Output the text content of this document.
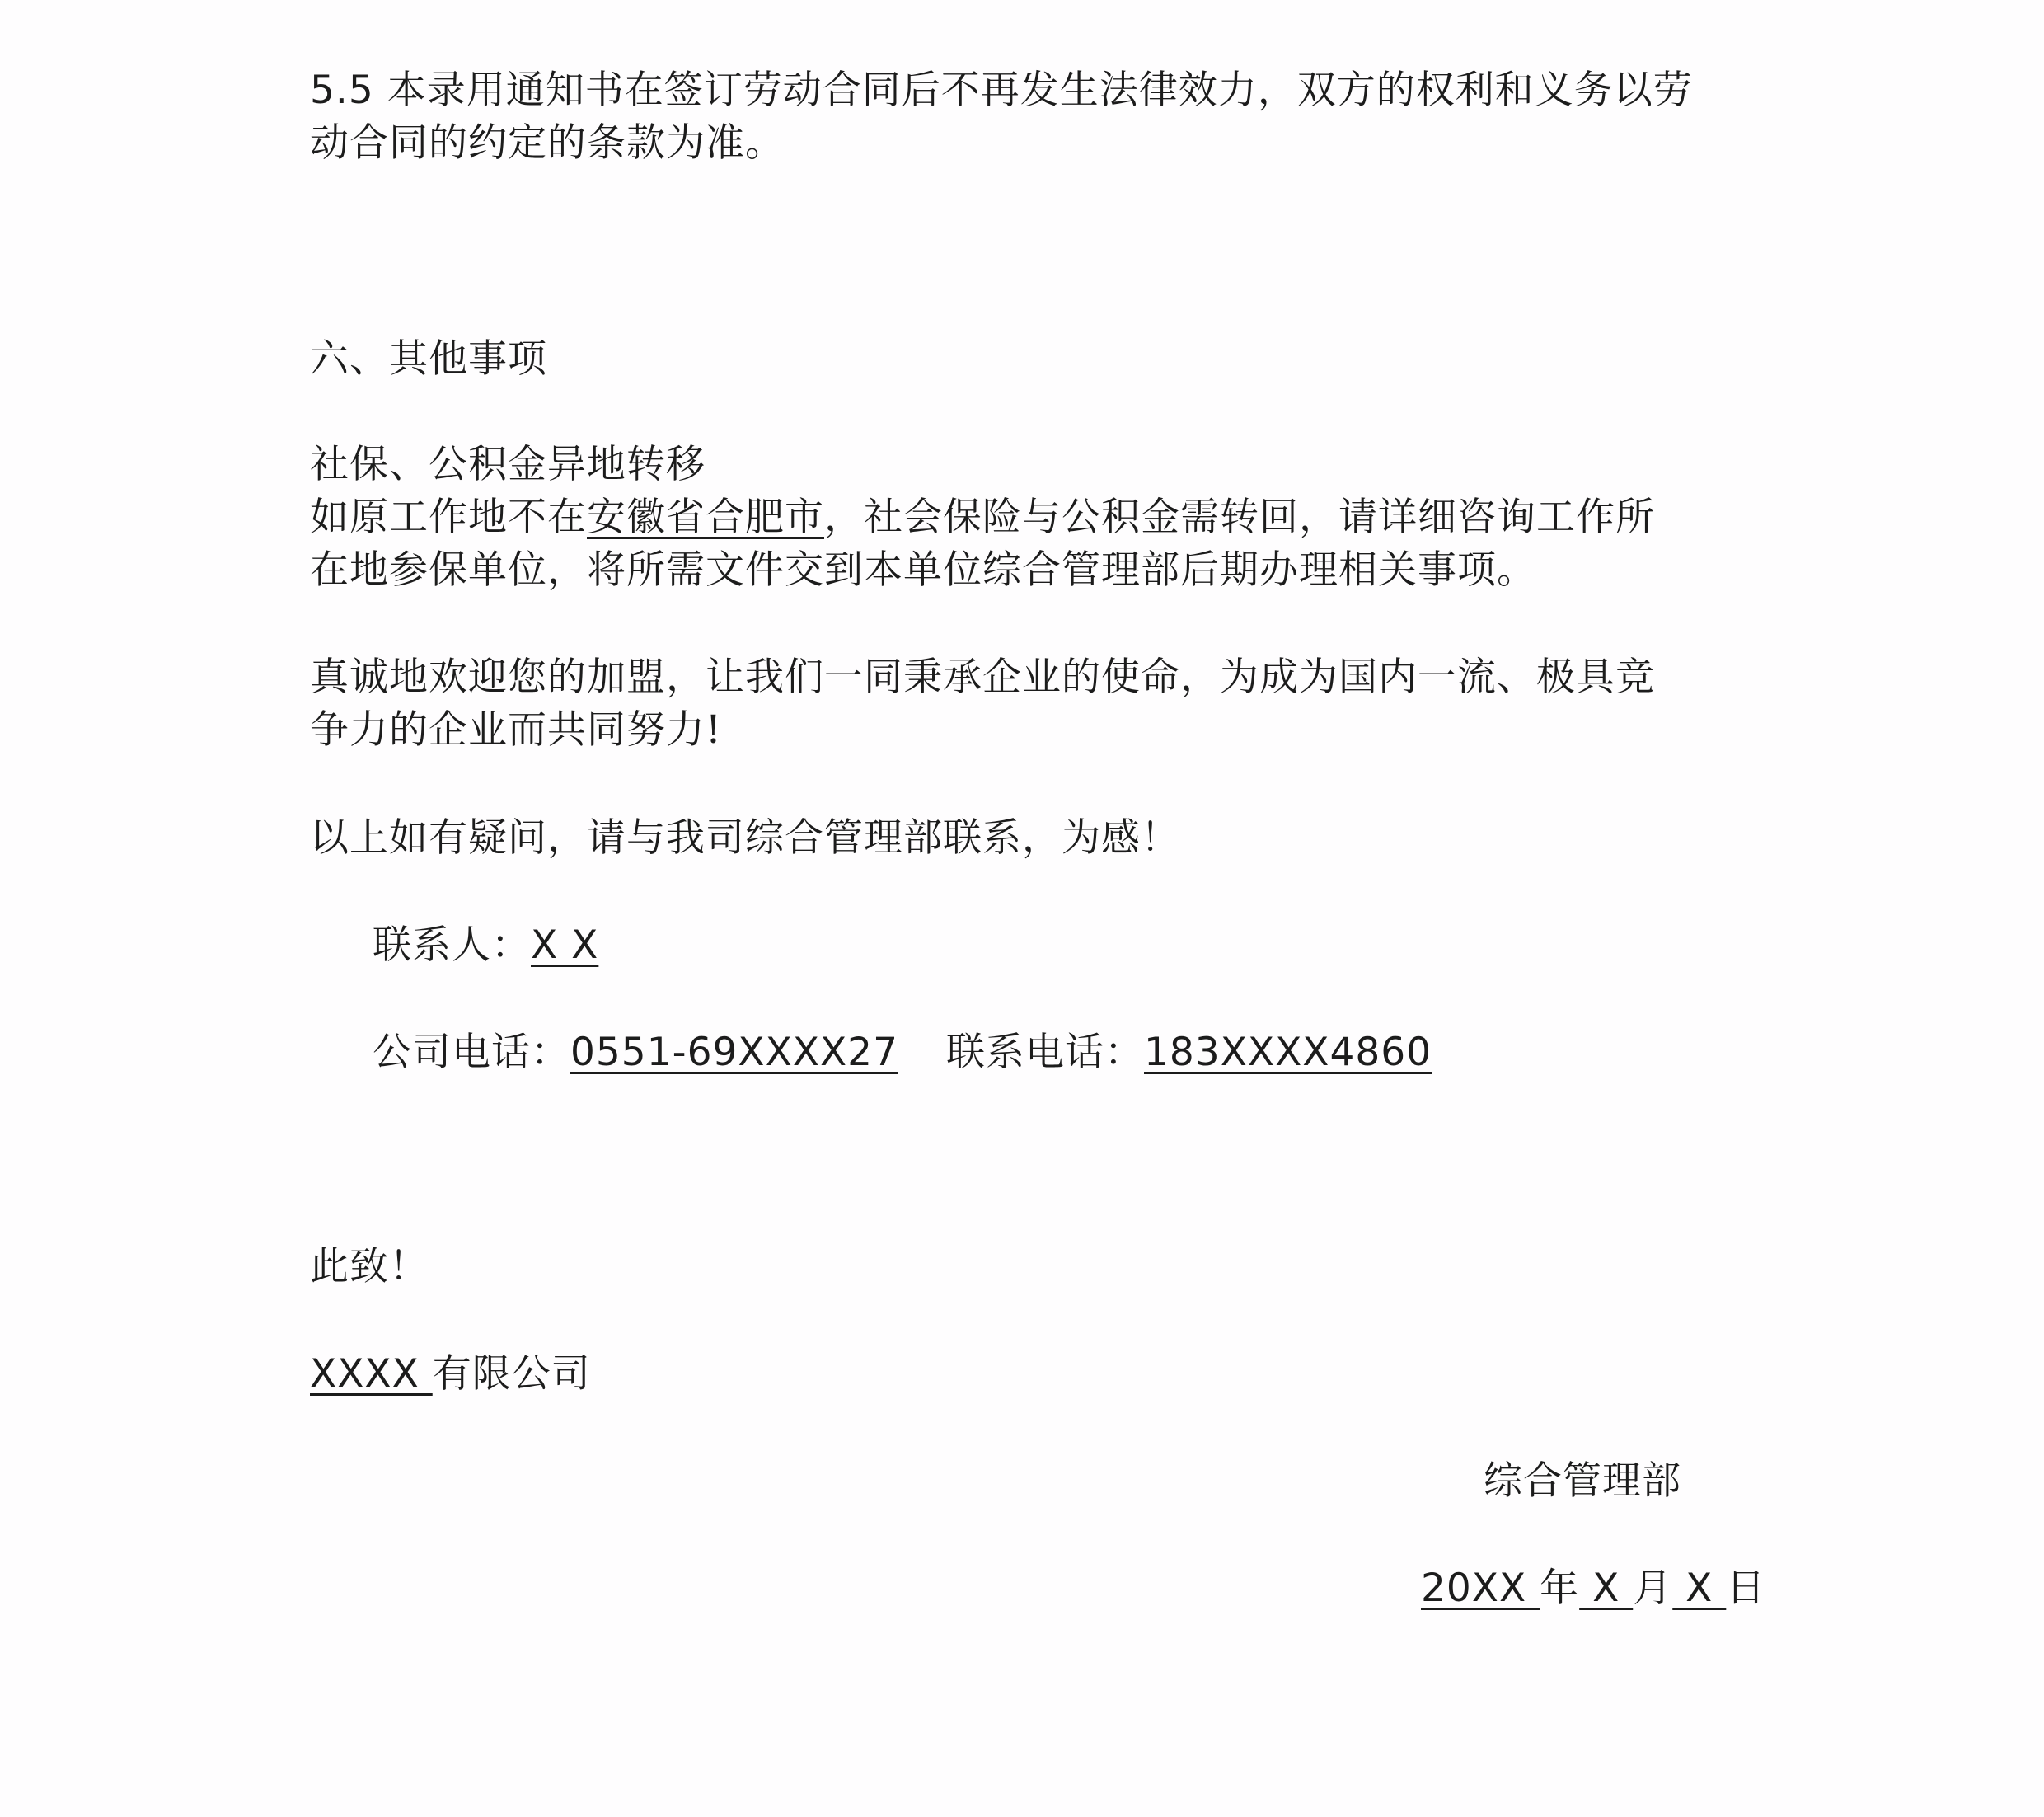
5.5 本录用通知书在签订劳动合同后不再发生法律效力，双方的权利和义务以劳
动合同的约定的条款为准。
六、其他事项
社保、公积金异地转移
如原工作地不在安徽省合肥市，社会保险与公积金需转回，请详细咨询工作所
在地参保单位，将所需文件交到本单位综合管理部后期办理相关事项。
真诚地欢迎您的加盟，让我们一同秉承企业的使命，为成为国内一流、极具竞
争力的企业而共同努力!
以上如有疑问，请与我司综合管理部联系，为感！
联系人：X X
公司电话：0551-69XXXX27 联系电话：183XXXX4860
此致！
XXXX 有限公司
综合管理部
20XX 年 X 月 X 日
